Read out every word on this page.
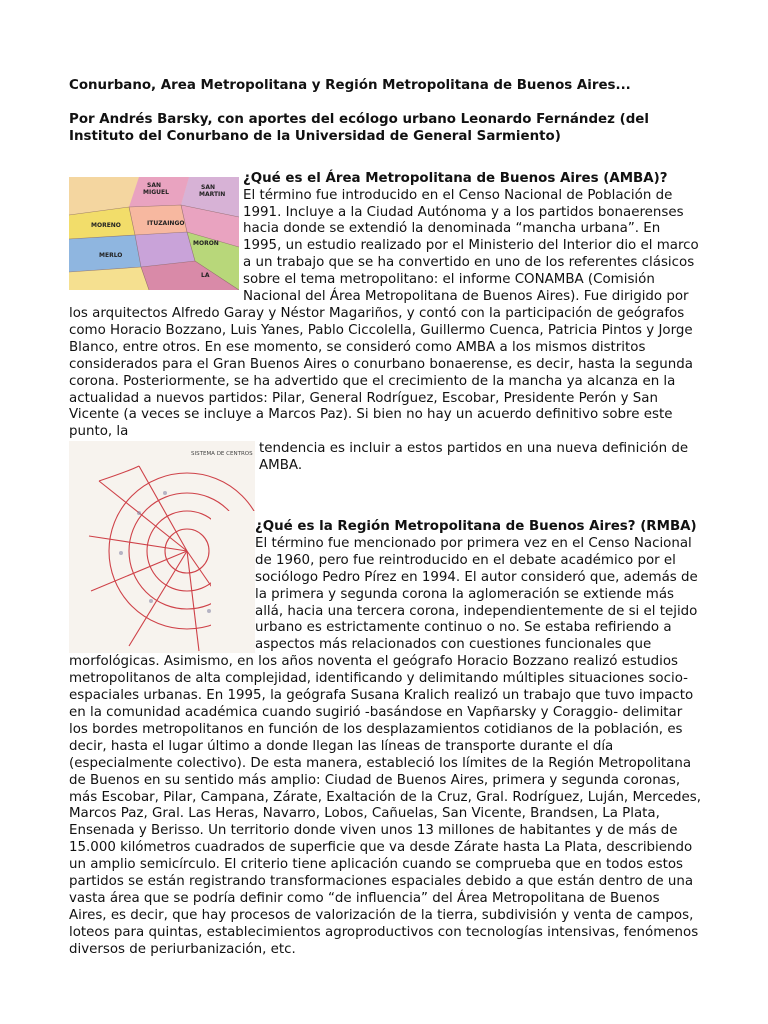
Conurbano, Area Metropolitana y Región Metropolitana de Buenos Aires...

Por Andrés Barsky, con aportes del ecólogo urbano Leonardo Fernández (del Instituto del Conurbano de la Universidad de General Sarmiento)

SAN
MIGUEL
SAN
MARTIN
MORENO	ITUZAINGO
MERLO
MORON
LA

¿Qué es el Área Metropolitana de Buenos Aires (AMBA)?
El término fue introducido en el Censo Nacional de Población de 1991. Incluye a la Ciudad Autónoma y a los partidos bonaerenses hacia donde se extendió la denominada “mancha urbana”. En 1995, un estudio realizado por el Ministerio del Interior dio el marco a un trabajo que se ha convertido en uno de los referentes clásicos sobre el tema metropolitano: el informe CONAMBA (Comisión Nacional del Área Metropolitana de Buenos Aires). Fue dirigido por los arquitectos Alfredo Garay y Néstor Magariños, y contó con la participación de geógrafos como Horacio Bozzano, Luis Yanes, Pablo Ciccolella, Guillermo Cuenca, Patricia Pintos y Jorge Blanco, entre otros. En ese momento, se consideró como AMBA a los mismos distritos considerados para el Gran Buenos Aires o conurbano bonaerense, es decir, hasta la segunda corona. Posteriormente, se ha advertido que el crecimiento de la mancha ya alcanza en la actualidad a nuevos partidos: Pilar, General Rodríguez, Escobar, Presidente Perón y San Vicente (a veces se incluye a Marcos Paz). Si bien no hay un acuerdo definitivo sobre este punto, la

SISTEMA DE CENTROS tendencia es incluir a estos partidos en una nueva definición de AMBA.

¿Qué es la Región Metropolitana de Buenos Aires? (RMBA)
El término fue mencionado por primera vez en el Censo Nacional de 1960, pero fue reintroducido en el debate académico por el sociólogo Pedro Pírez en 1994. El autor consideró que, además de la primera y segunda corona la aglomeración se extiende más allá, hacia una tercera corona, independientemente de si el tejido urbano es estrictamente continuo o no. Se estaba refiriendo a aspectos más relacionados con cuestiones funcionales que morfológicas. Asimismo, en los años noventa el geógrafo Horacio Bozzano realizó estudios metropolitanos de alta complejidad, identificando y delimitando múltiples situaciones socio-espaciales urbanas. En 1995, la geógrafa Susana Kralich realizó un trabajo que tuvo impacto en la comunidad académica cuando sugirió -basándose en Vapñarsky y Coraggio- delimitar los bordes metropolitanos en función de los desplazamientos cotidianos de la población, es decir, hasta el lugar último a donde llegan las líneas de transporte durante el día (especialmente colectivo). De esta manera, estableció los límites de la Región Metropolitana de Buenos en su sentido más amplio: Ciudad de Buenos Aires, primera y segunda coronas, más Escobar, Pilar, Campana, Zárate, Exaltación de la Cruz, Gral. Rodríguez, Luján, Mercedes, Marcos Paz, Gral. Las Heras, Navarro, Lobos, Cañuelas, San Vicente, Brandsen, La Plata, Ensenada y Berisso. Un territorio donde viven unos 13 millones de habitantes y de más de 15.000 kilómetros cuadrados de superficie que va desde Zárate hasta La Plata, describiendo un amplio semicírculo. El criterio tiene aplicación cuando se comprueba que en todos estos partidos se están registrando transformaciones espaciales debido a que están dentro de una vasta área que se podría definir como “de influencia” del Área Metropolitana de Buenos Aires, es decir, que hay procesos de valorización de la tierra, subdivisión y venta de campos, loteos para quintas, establecimientos agroproductivos con tecnologías intensivas, fenómenos diversos de periurbanización, etc.
